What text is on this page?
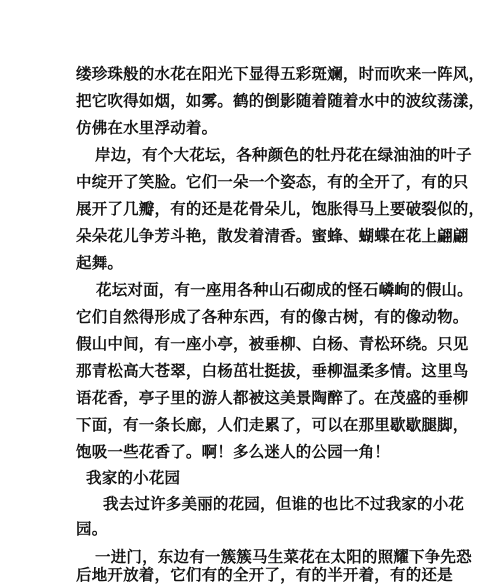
缕珍珠般的水花在阳光下显得五彩斑斓，时而吹来一阵风，
把它吹得如烟，如雾。鹤的倒影随着随着水中的波纹荡漾，
仿佛在水里浮动着。
岸边，有个大花坛，各种颜色的牡丹花在绿油油的叶子
中绽开了笑脸。它们一朵一个姿态，有的全开了，有的只
展开了几瓣，有的还是花骨朵儿，饱胀得马上要破裂似的，
朵朵花儿争芳斗艳，散发着清香。蜜蜂、蝴蝶在花上翩翩
起舞。
花坛对面，有一座用各种山石砌成的怪石嶙峋的假山。
它们自然得形成了各种东西，有的像古树，有的像动物。
假山中间，有一座小亭，被垂柳、白杨、青松环绕。只见
那青松高大苍翠，白杨茁壮挺拔，垂柳温柔多情。这里鸟
语花香，亭子里的游人都被这美景陶醉了。在茂盛的垂柳
下面，有一条长廊，人们走累了，可以在那里歇歇腿脚，
饱吸一些花香了。啊！多么迷人的公园一角！
我家的小花园
我去过许多美丽的花园，但谁的也比不过我家的小花
园。
一进门，东边有一簇簇马生菜花在太阳的照耀下争先恐
后地开放着，它们有的全开了，有的半开着，有的还是
